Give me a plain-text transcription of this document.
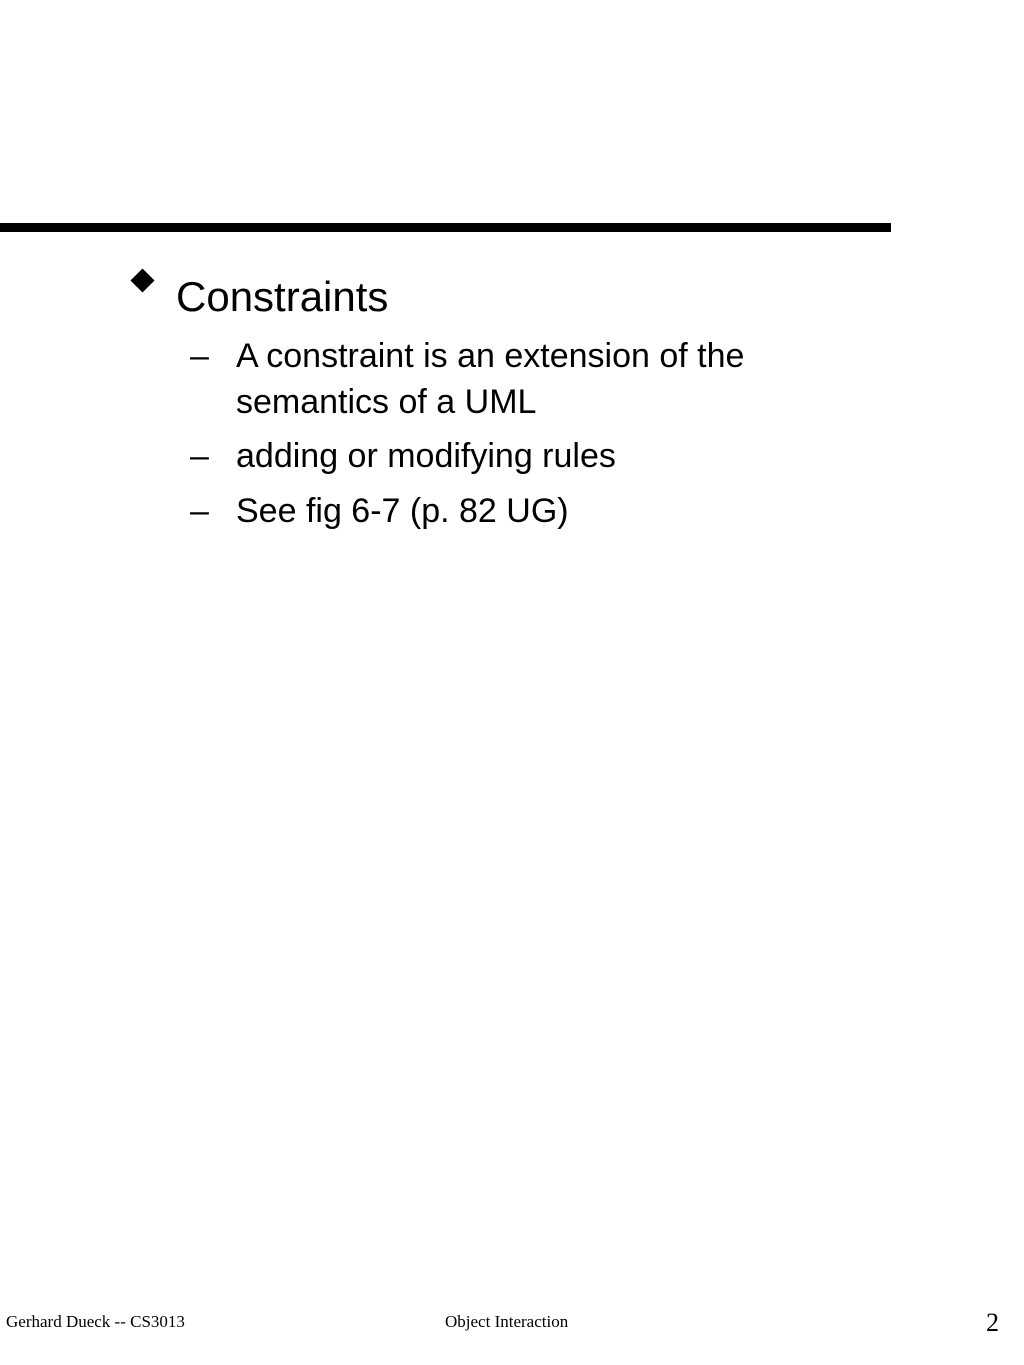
Constraints
– A constraint is an extension of the semantics of a UML
– adding or modifying rules
– See fig 6-7 (p. 82 UG)
Gerhard Dueck -- CS3013	Object Interaction	2
